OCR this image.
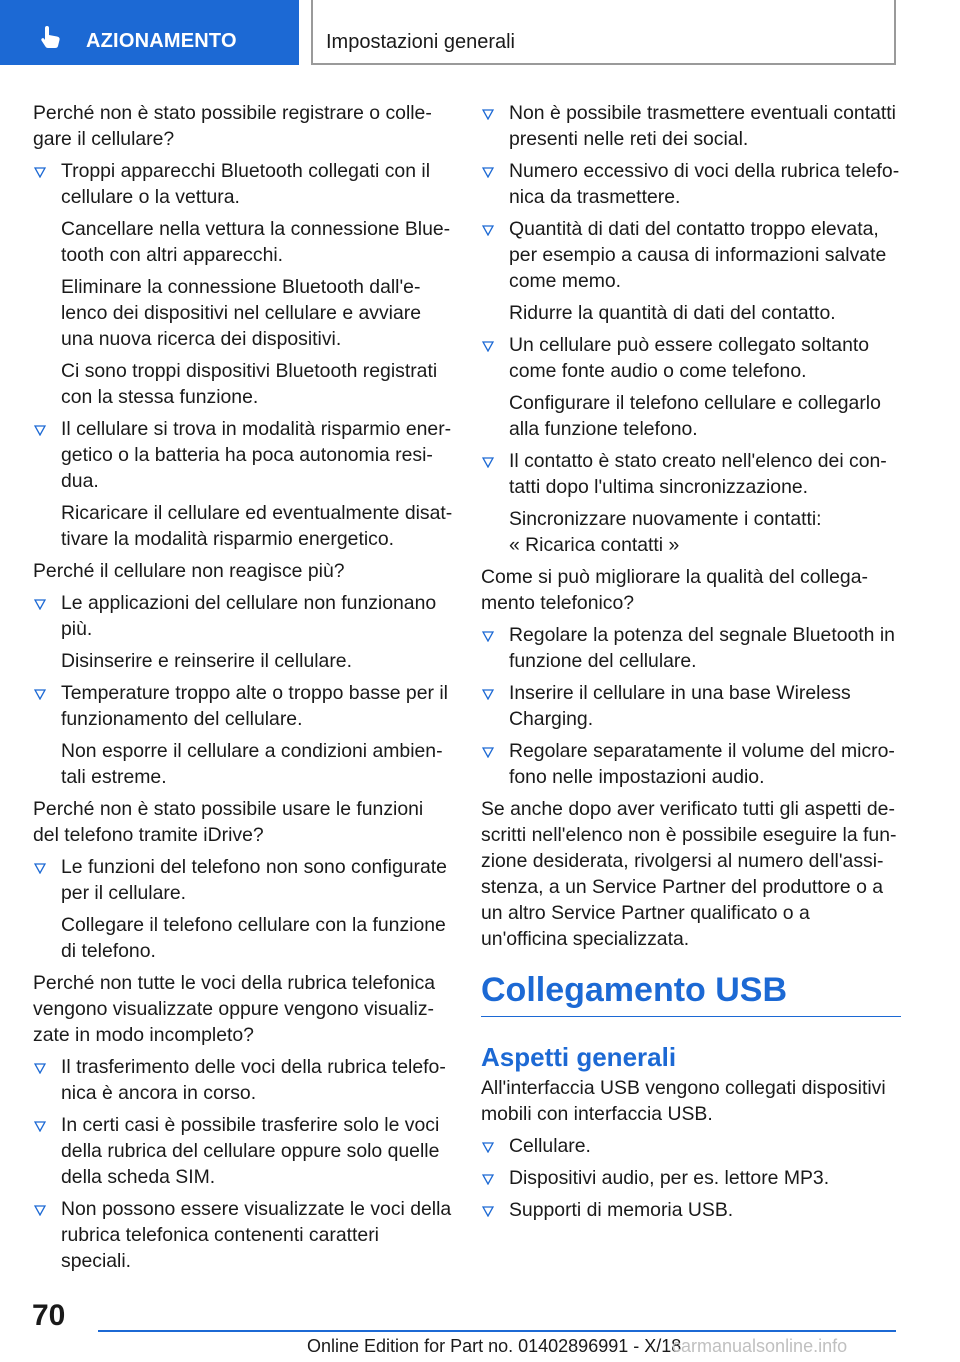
AZIONAMENTO	Impostazioni generali
Perché non è stato possibile registrare o collegare il cellulare?
Troppi apparecchi Bluetooth collegati con il cellulare o la vettura.
Cancellare nella vettura la connessione Bluetooth con altri apparecchi.
Eliminare la connessione Bluetooth dall'elenco dei dispositivi nel cellulare e avviare una nuova ricerca dei dispositivi.
Ci sono troppi dispositivi Bluetooth registrati con la stessa funzione.
Il cellulare si trova in modalità risparmio energetico o la batteria ha poca autonomia residua.
Ricaricare il cellulare ed eventualmente disattivare la modalità risparmio energetico.
Perché il cellulare non reagisce più?
Le applicazioni del cellulare non funzionano più.
Disinserire e reinserire il cellulare.
Temperature troppo alte o troppo basse per il funzionamento del cellulare.
Non esporre il cellulare a condizioni ambientali estreme.
Perché non è stato possibile usare le funzioni del telefono tramite iDrive?
Le funzioni del telefono non sono configurate per il cellulare.
Collegare il telefono cellulare con la funzione di telefono.
Perché non tutte le voci della rubrica telefonica vengono visualizzate oppure vengono visualizzate in modo incompleto?
Il trasferimento delle voci della rubrica telefonica è ancora in corso.
In certi casi è possibile trasferire solo le voci della rubrica del cellulare oppure solo quelle della scheda SIM.
Non possono essere visualizzate le voci della rubrica telefonica contenenti caratteri speciali.
Non è possibile trasmettere eventuali contatti presenti nelle reti dei social.
Numero eccessivo di voci della rubrica telefonica da trasmettere.
Quantità di dati del contatto troppo elevata, per esempio a causa di informazioni salvate come memo.
Ridurre la quantità di dati del contatto.
Un cellulare può essere collegato soltanto come fonte audio o come telefono.
Configurare il telefono cellulare e collegarlo alla funzione telefono.
Il contatto è stato creato nell'elenco dei contatti dopo l'ultima sincronizzazione.
Sincronizzare nuovamente i contatti:
« Ricarica contatti »
Come si può migliorare la qualità del collegamento telefonico?
Regolare la potenza del segnale Bluetooth in funzione del cellulare.
Inserire il cellulare in una base Wireless Charging.
Regolare separatamente il volume del microfono nelle impostazioni audio.
Se anche dopo aver verificato tutti gli aspetti descritti nell'elenco non è possibile eseguire la funzione desiderata, rivolgersi al numero dell'assistenza, a un Service Partner del produttore o a un altro Service Partner qualificato o a un'officina specializzata.
Collegamento USB
Aspetti generali
All'interfaccia USB vengono collegati dispositivi mobili con interfaccia USB.
Cellulare.
Dispositivi audio, per es. lettore MP3.
Supporti di memoria USB.
70
Online Edition for Part no. 01402896991 - X/18
carmanualsonline.info
